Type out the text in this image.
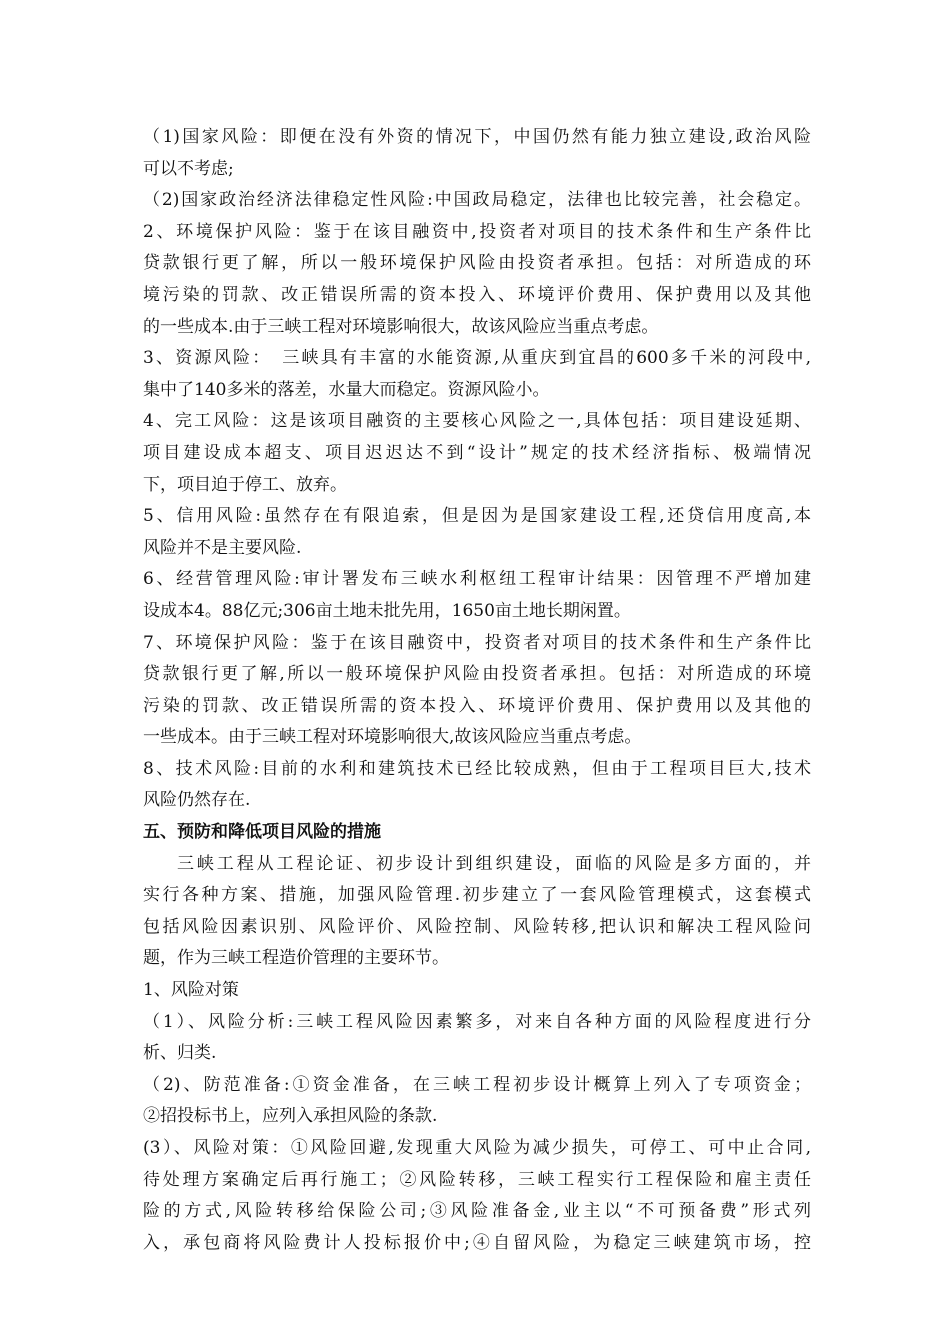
（1)国家风险：即便在没有外资的情况下，中国仍然有能力独立建设,政治风险
可以不考虑;
（2)国家政治经济法律稳定性风险:中国政局稳定，法律也比较完善，社会稳定。
2、环境保护风险：鉴于在该目融资中,投资者对项目的技术条件和生产条件比
贷款银行更了解，所以一般环境保护风险由投资者承担。包括：对所造成的环
境污染的罚款、改正错误所需的资本投入、环境评价费用、保护费用以及其他
的一些成本.由于三峡工程对环境影响很大，故该风险应当重点考虑。
3、资源风险：　三峡具有丰富的水能资源,从重庆到宜昌的600多千米的河段中,
集中了140多米的落差，水量大而稳定。资源风险小。
4、完工风险：这是该项目融资的主要核心风险之一,具体包括：项目建设延期、
项目建设成本超支、项目迟迟达不到“设计”规定的技术经济指标、极端情况
下，项目迫于停工、放弃。
5、信用风险:虽然存在有限追索，但是因为是国家建设工程,还贷信用度高,本
风险并不是主要风险.
6、经营管理风险:审计署发布三峡水利枢纽工程审计结果：因管理不严增加建
设成本4。88亿元;306亩土地未批先用，1650亩土地长期闲置。
7、环境保护风险：鉴于在该目融资中，投资者对项目的技术条件和生产条件比
贷款银行更了解,所以一般环境保护风险由投资者承担。包括：对所造成的环境
污染的罚款、改正错误所需的资本投入、环境评价费用、保护费用以及其他的
一些成本。由于三峡工程对环境影响很大,故该风险应当重点考虑。
8、技术风险:目前的水利和建筑技术已经比较成熟，但由于工程项目巨大,技术
风险仍然存在.
五、预防和降低项目风险的措施
三峡工程从工程论证、初步设计到组织建设，面临的风险是多方面的，并
实行各种方案、措施，加强风险管理.初步建立了一套风险管理模式，这套模式
包括风险因素识别、风险评价、风险控制、风险转移,把认识和解决工程风险问
题，作为三峡工程造价管理的主要环节。
1、风险对策
（1）、风险分析:三峡工程风险因素繁多，对来自各种方面的风险程度进行分
析、归类.
（2)、防范准备:①资金准备，在三峡工程初步设计概算上列入了专项资金；
②招投标书上，应列入承担风险的条款.
(3）、风险对策：①风险回避,发现重大风险为减少损失，可停工、可中止合同,
待处理方案确定后再行施工；②风险转移，三峡工程实行工程保险和雇主责任
险的方式,风险转移给保险公司;③风险准备金,业主以“不可预备费”形式列
入，承包商将风险费计人投标报价中;④自留风险，为稳定三峡建筑市场，控
